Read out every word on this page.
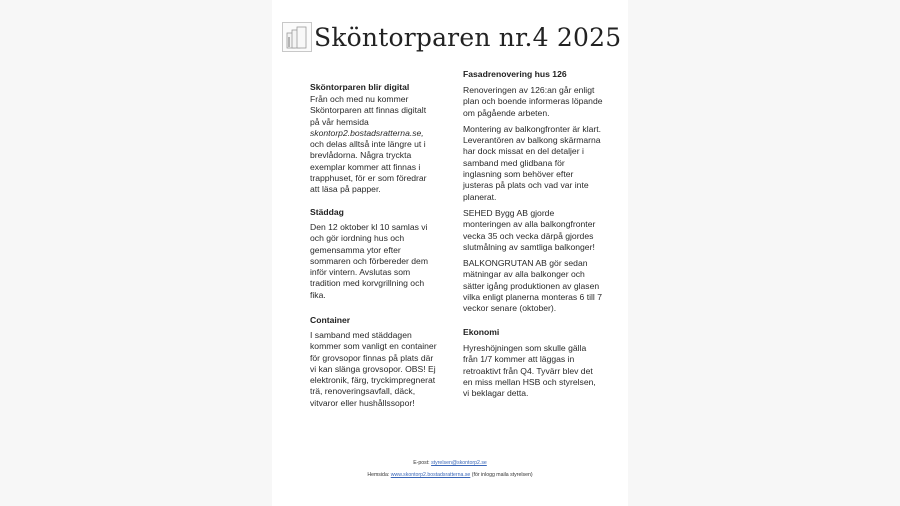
Sköntorparen nr.4 2025
Sköntorparen blir digital

Från och med nu kommer Sköntorparen att finnas digitalt på vår hemsida skontorp2.bostadsratterna.se, och delas alltså inte längre ut i brevlådorna. Några tryckta exemplar kommer att finnas i trapphuset, för er som föredrar att läsa på papper.

Städdag

Den 12 oktober kl 10 samlas vi och gör iordning hus och gemensamma ytor efter sommaren och förbereder dem inför vintern. Avslutas som tradition med korvgrillning och fika.

Container

I samband med städdagen kommer som vanligt en container för grovsopor finnas på plats där vi kan slänga grovsopor. OBS! Ej elektronik, färg, tryckimpregnerat trä, renoveringsavfall, däck, vitvaror eller hushållssopor!

Fasadrenovering hus 126

Renoveringen av 126:an går enligt plan och boende informeras löpande om pågående arbeten.

Montering av balkongfronter är klart. Leverantören av balkong skärmarna har dock missat en del detaljer i samband med glidbana för inglasning som behöver efter justeras på plats och vad var inte planerat.

SEHED Bygg AB gjorde monteringen av alla balkongfronter vecka 35 och vecka därpå gjordes slutmålning av samtliga balkonger!

BALKONGRUTAN AB gör sedan mätningar av alla balkonger och sätter igång produktionen av glasen vilka enligt planerna monteras 6 till 7 veckor senare (oktober).

Ekonomi

Hyreshöjningen som skulle gälla från 1/7 kommer att läggas in retroaktivt från Q4. Tyvärr blev det en miss mellan HSB och styrelsen, vi beklagar detta.

E-post: styrelsen@skontorp2.se
Hemsida: www.skontorp2.bostadsratterna.se (för inlogg maila styrelsen)
